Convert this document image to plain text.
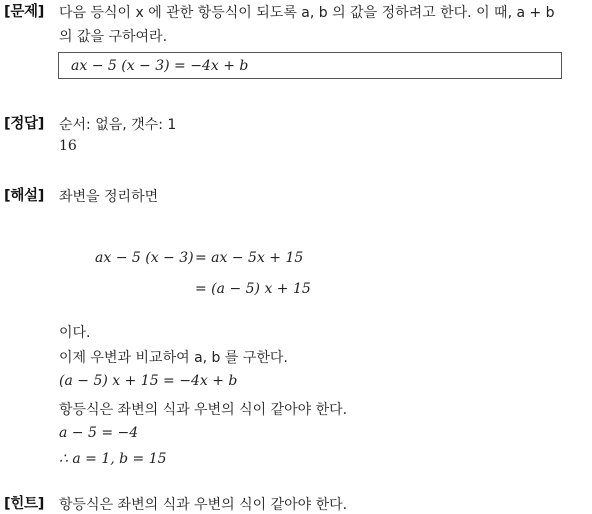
[문제] 다음 등식이 x 에 관한 항등식이 되도록 a, b 의 값을 정하려고 한다. 이 때, a + b
의 값을 구하여라.
ax − 5 (x − 3) = −4x + b
[정답] 순서: 없음, 갯수: 1
16
[해설] 좌변을 정리하면
ax − 5 (x − 3) = ax − 5x + 15
= (a − 5) x + 15
이다.
이제 우변과 비교하여 a, b 를 구한다.
(a − 5) x + 15 = −4x + b
항등식은 좌변의 식과 우변의 식이 같아야 한다.
a − 5 = −4
∴ a = 1, b = 15
[힌트] 항등식은 좌변의 식과 우변의 식이 같아야 한다.
